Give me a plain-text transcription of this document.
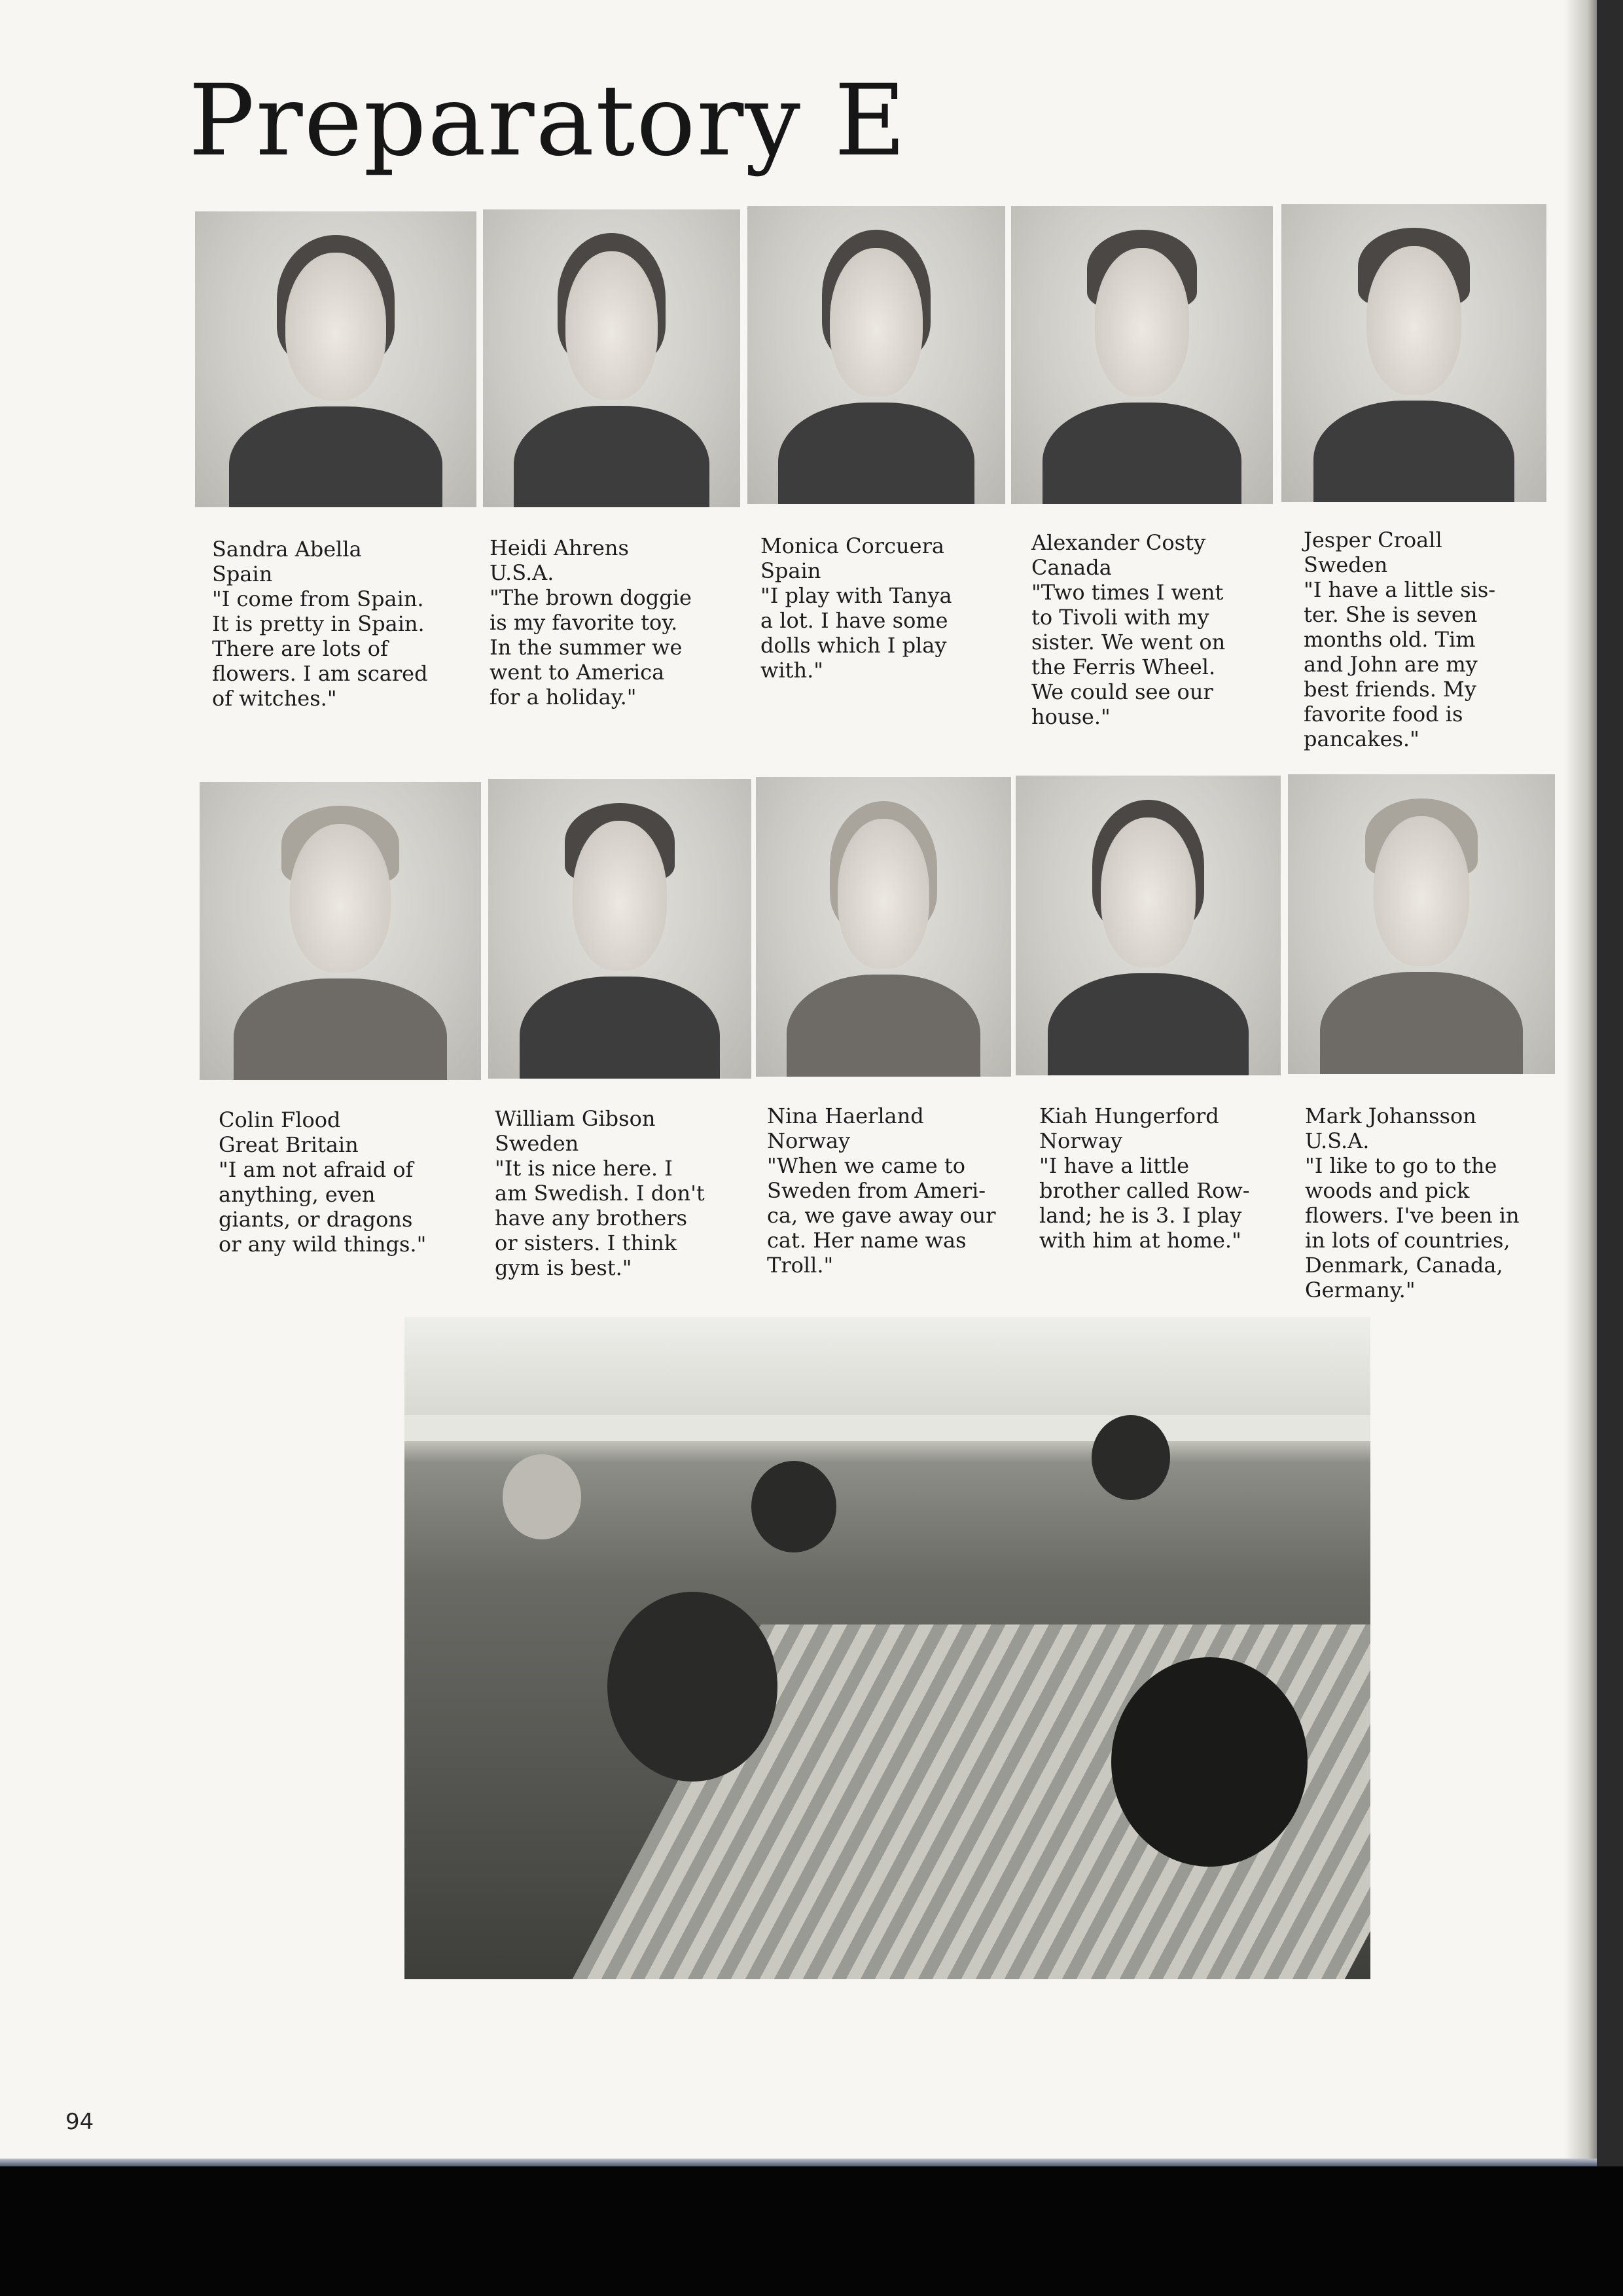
Preparatory E
Sandra Abella
Spain
"I come from Spain.
It is pretty in Spain.
There are lots of
flowers. I am scared
of witches."
Heidi Ahrens
U.S.A.
"The brown doggie
is my favorite toy.
In the summer we
went to America
for a holiday."
Monica Corcuera
Spain
"I play with Tanya
a lot. I have some
dolls which I play
with."
Alexander Costy
Canada
"Two times I went
to Tivoli with my
sister. We went on
the Ferris Wheel.
We could see our
house."
Jesper Croall
Sweden
"I have a little sis-
ter. She is seven
months old. Tim
and John are my
best friends. My
favorite food is
pancakes."
Colin Flood
Great Britain
"I am not afraid of
anything, even
giants, or dragons
or any wild things."
William Gibson
Sweden
"It is nice here. I
am Swedish. I don't
have any brothers
or sisters. I think
gym is best."
Nina Haerland
Norway
"When we came to
Sweden from Ameri-
ca, we gave away our
cat. Her name was
Troll."
Kiah Hungerford
Norway
"I have a little
brother called Row-
land; he is 3. I play
with him at home."
Mark Johansson
U.S.A.
"I like to go to the
woods and pick
flowers. I've been in
in lots of countries,
Denmark, Canada,
Germany."
94
